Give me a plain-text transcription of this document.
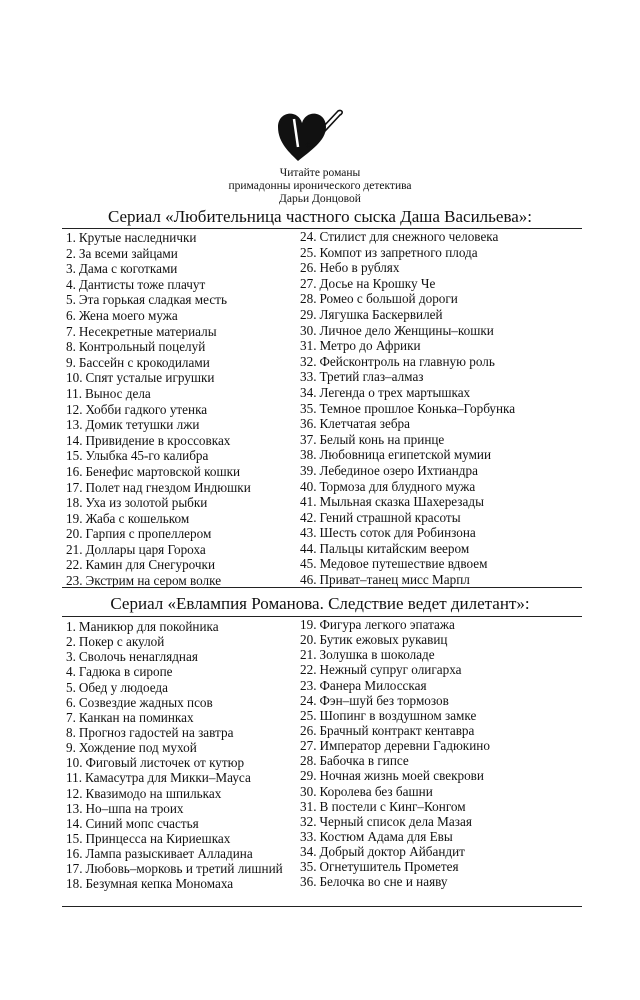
Читайте романы
примадонны иронического детектива
Дарьи Донцовой
Сериал «Любительница частного сыска Даша Васильева»:
1. Крутые наследнички
2. За всеми зайцами
3. Дама с коготками
4. Дантисты тоже плачут
5. Эта горькая сладкая месть
6. Жена моего мужа
7. Несекретные материалы
8. Контрольный поцелуй
9. Бассейн с крокодилами
10. Спят усталые игрушки
11. Вынос дела
12. Хобби гадкого утенка
13. Домик тетушки лжи
14. Привидение в кроссовках
15. Улыбка 45-го калибра
16. Бенефис мартовской кошки
17. Полет над гнездом Индюшки
18. Уха из золотой рыбки
19. Жаба с кошельком
20. Гарпия с пропеллером
21. Доллары царя Гороха
22. Камин для Снегурочки
23. Экстрим на сером волке
24. Стилист для снежного человека
25. Компот из запретного плода
26. Небо в рублях
27. Досье на Крошку Че
28. Ромео с большой дороги
29. Лягушка Баскервилей
30. Личное дело Женщины–кошки
31. Метро до Африки
32. Фейсконтроль на главную роль
33. Третий глаз–алмаз
34. Легенда о трех мартышках
35. Темное прошлое Конька–Горбунка
36. Клетчатая зебра
37. Белый конь на принце
38. Любовница египетской мумии
39. Лебединое озеро Ихтиандра
40. Тормоза для блудного мужа
41. Мыльная сказка Шахерезады
42. Гений страшной красоты
43. Шесть соток для Робинзона
44. Пальцы китайским веером
45. Медовое путешествие вдвоем
46. Приват–танец мисс Марпл
Сериал «Евлампия Романова. Следствие ведет дилетант»:
1. Маникюр для покойника
2. Покер с акулой
3. Сволочь ненаглядная
4. Гадюка в сиропе
5. Обед у людоеда
6. Созвездие жадных псов
7. Канкан на поминках
8. Прогноз гадостей на завтра
9. Хождение под мухой
10. Фиговый листочек от кутюр
11. Камасутра для Микки–Мауса
12. Квазимодо на шпильках
13. Но–шпа на троих
14. Синий мопс счастья
15. Принцесса на Кириешках
16. Лампа разыскивает Алладина
17. Любовь–морковь и третий лишний
18. Безумная кепка Мономаха
19. Фигура легкого эпатажа
20. Бутик ежовых рукавиц
21. Золушка в шоколаде
22. Нежный супруг олигарха
23. Фанера Милосская
24. Фэн–шуй без тормозов
25. Шопинг в воздушном замке
26. Брачный контракт кентавра
27. Император деревни Гадюкино
28. Бабочка в гипсе
29. Ночная жизнь моей свекрови
30. Королева без башни
31. В постели с Кинг–Конгом
32. Черный список дела Мазая
33. Костюм Адама для Евы
34. Добрый доктор Айбандит
35. Огнетушитель Прометея
36. Белочка во сне и наяву
